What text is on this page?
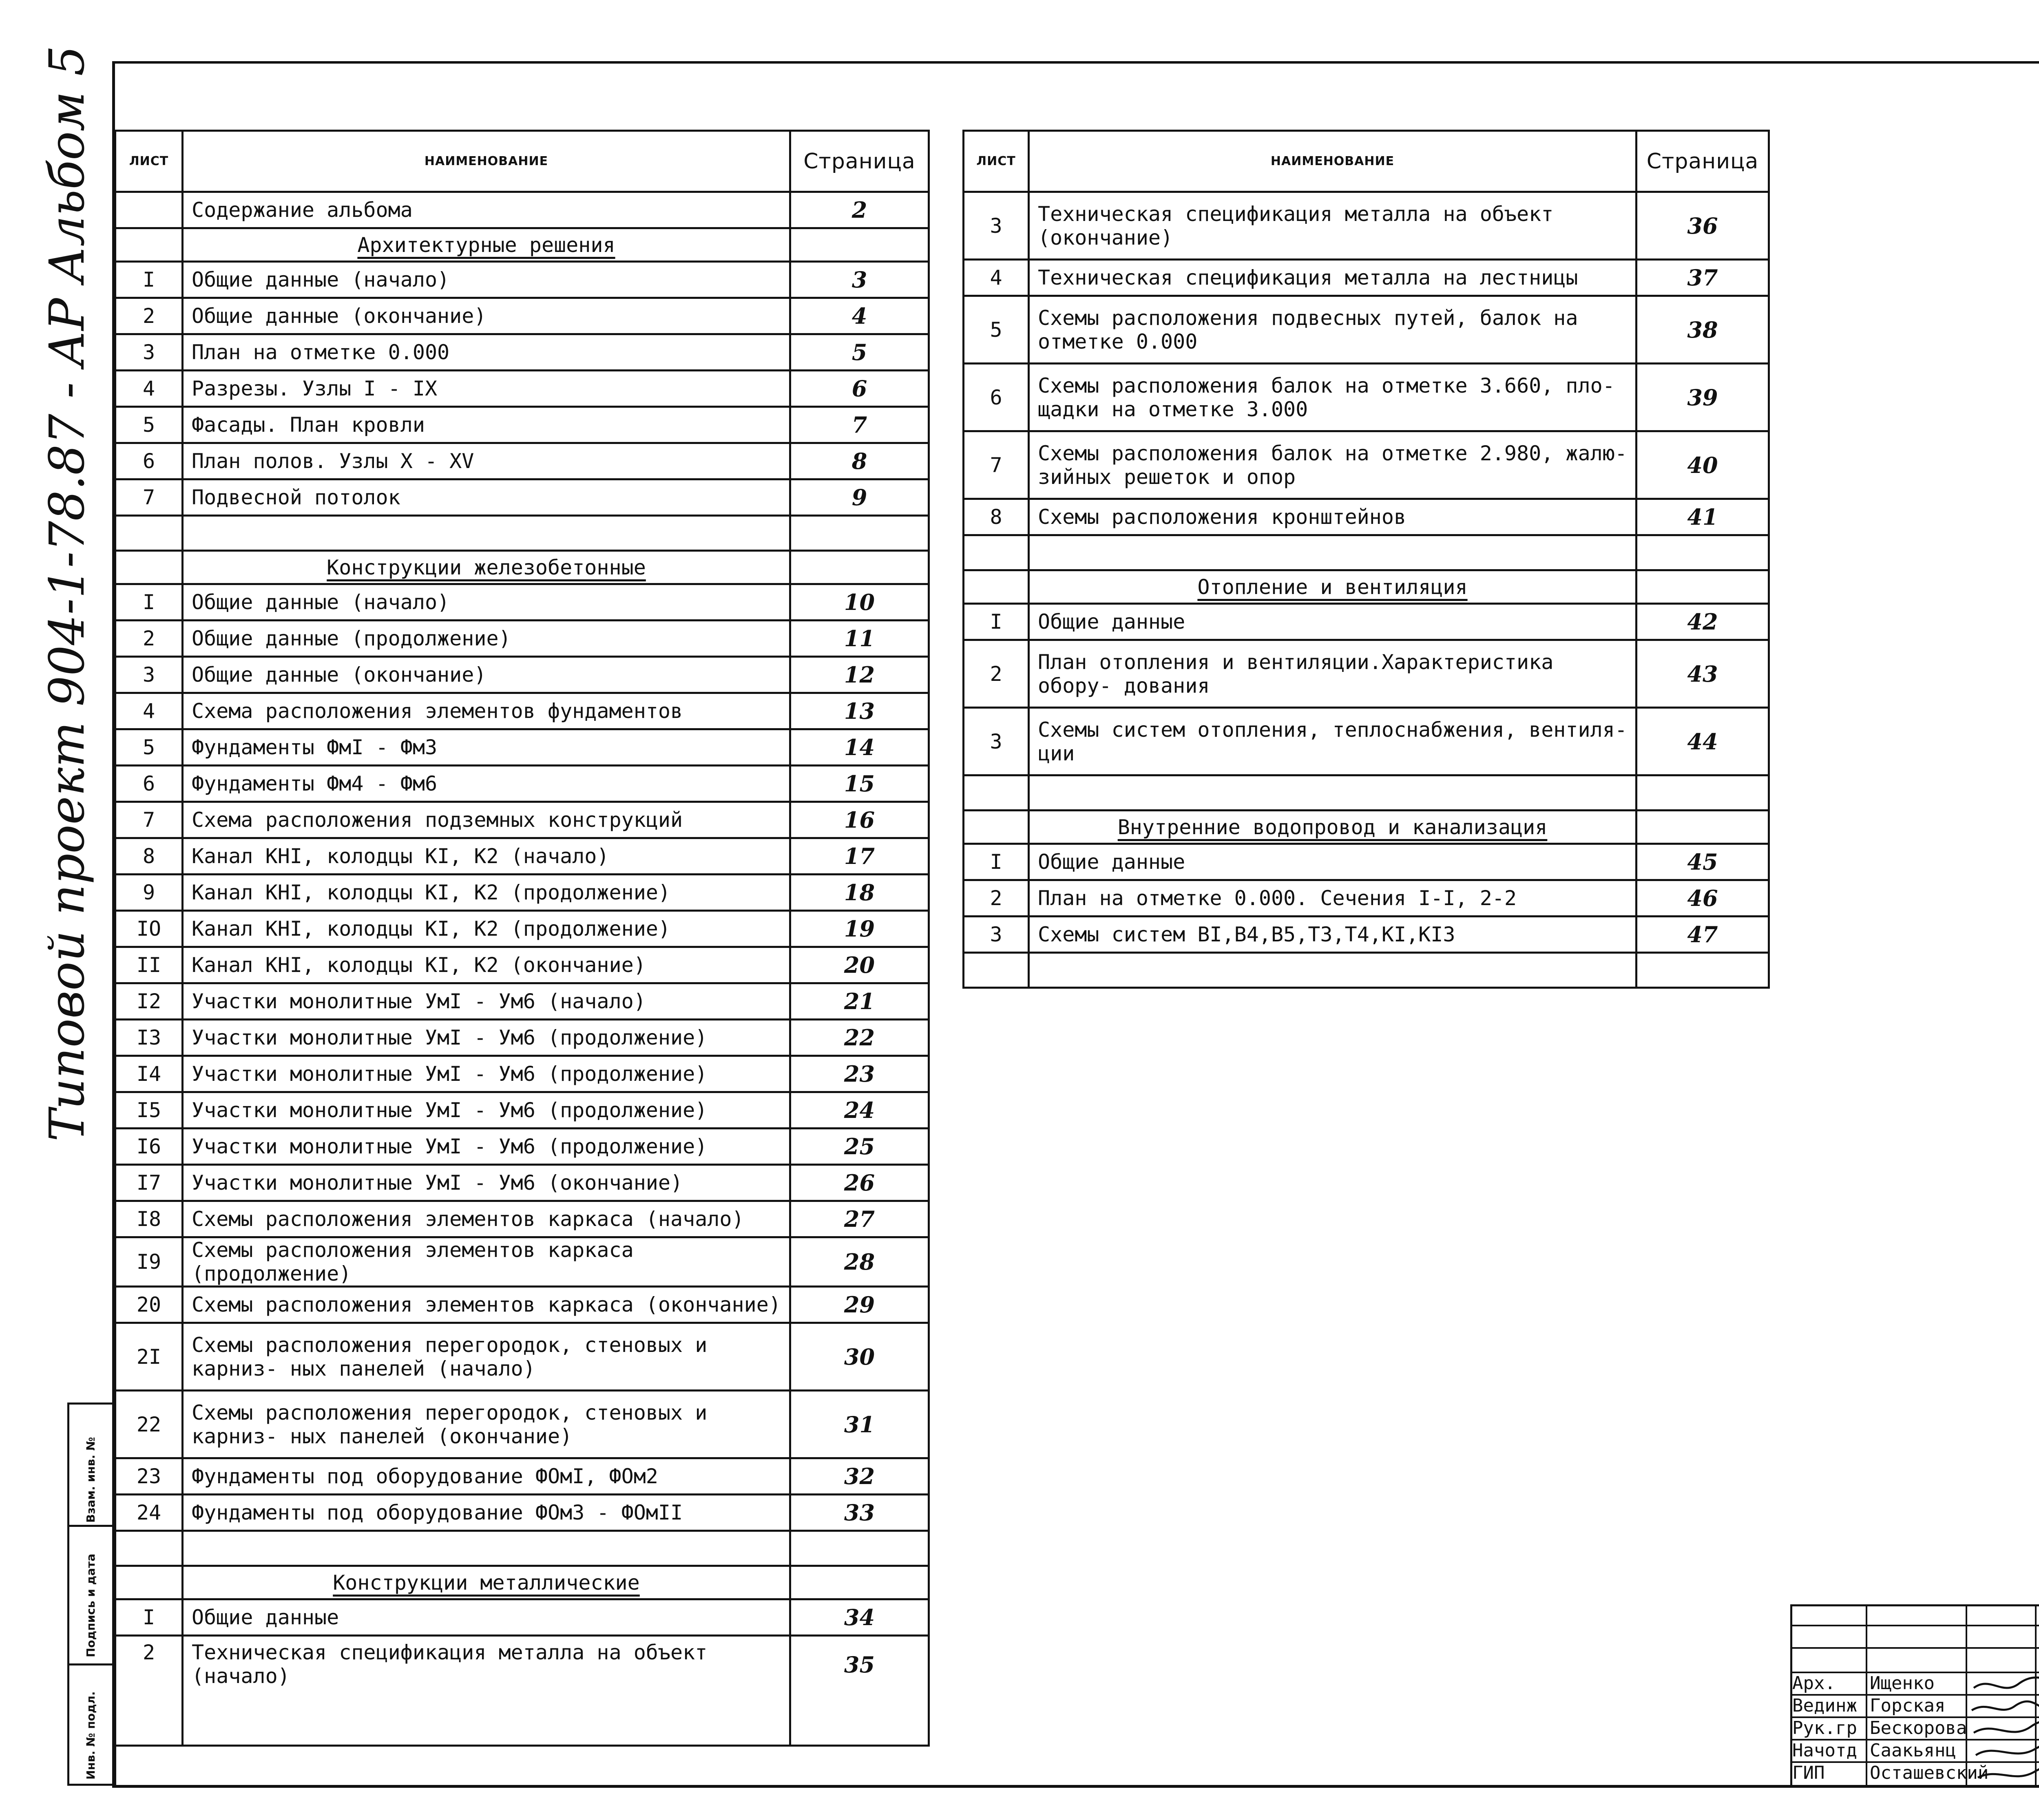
Типовой проект 904-1-78.87 - АР Альбом 5
Взам. инв. №
Подпись и дата
Инв. № подл.
ЛИСТ	НАИМЕНОВАНИЕ	Страница
	Содержание альбома	2
	Архитектурные решения	
I	Общие данные (начало)	3
2	Общие данные (окончание)	4
3	План на отметке 0.000	5
4	Разрезы. Узлы I - IX	6
5	Фасады. План кровли	7
6	План полов. Узлы X - XV	8
7	Подвесной потолок	9

	Конструкции железобетонные	
I	Общие данные (начало)	10
2	Общие данные (продолжение)	11
3	Общие данные (окончание)	12
4	Схема расположения элементов фундаментов	13
5	Фундаменты ФмI - Фм3	14
6	Фундаменты Фм4 - Фм6	15
7	Схема расположения подземных конструкций	16
8	Канал КНI, колодцы КI, К2 (начало)	17
9	Канал КНI, колодцы КI, К2 (продолжение)	18
IO	Канал КНI, колодцы КI, К2 (продолжение)	19
II	Канал КНI, колодцы КI, К2 (окончание)	20
I2	Участки монолитные УмI - Ум6 (начало)	21
I3	Участки монолитные УмI - Ум6 (продолжение)	22
I4	Участки монолитные УмI - Ум6 (продолжение)	23
I5	Участки монолитные УмI - Ум6 (продолжение)	24
I6	Участки монолитные УмI - Ум6 (продолжение)	25
I7	Участки монолитные УмI - Ум6 (окончание)	26
I8	Схемы расположения элементов каркаса (начало)	27
I9	Схемы расположения элементов каркаса (продолжение)	28
20	Схемы расположения элементов каркаса (окончание)	29
2I	Схемы расположения перегородок, стеновых и карниз- ных панелей (начало)	30
22	Схемы расположения перегородок, стеновых и карниз- ных панелей (окончание)	31
23	Фундаменты под оборудование ФОмI, ФОм2	32
24	Фундаменты под оборудование ФОм3 - ФОмII	33

	Конструкции металлические	
I	Общие данные	34
2	Техническая спецификация металла на объект (начало)	35
ЛИСТ	НАИМЕНОВАНИЕ	Страница
3	Техническая спецификация металла на объект (окончание)	36
4	Техническая спецификация металла на лестницы	37
5	Схемы расположения подвесных путей, балок на отметке 0.000	38
6	Схемы расположения балок на отметке 3.660, пло- щадки на отметке 3.000	39
7	Схемы расположения балок на отметке 2.980, жалю- зийных решеток и опор	40
8	Схемы расположения кронштейнов	41

	Отопление и вентиляция	
I	Общие данные	42
2	План отопления и вентиляции.Характеристика обору- дования	43
3	Схемы систем отопления, теплоснабжения, вентиля- ции	44

	Внутренние водопровод и канализация	
I	Общие данные	45
2	План на отметке 0.000. Сечения I-I, 2-2	46
3	Схемы систем BI,B4,B5,T3,T4,KI,KI3	47

Арх. Ищенко
Вединж Горская
Рук.гр Бескорова
Начотд Саакьянц
ГИП	Осташевский
